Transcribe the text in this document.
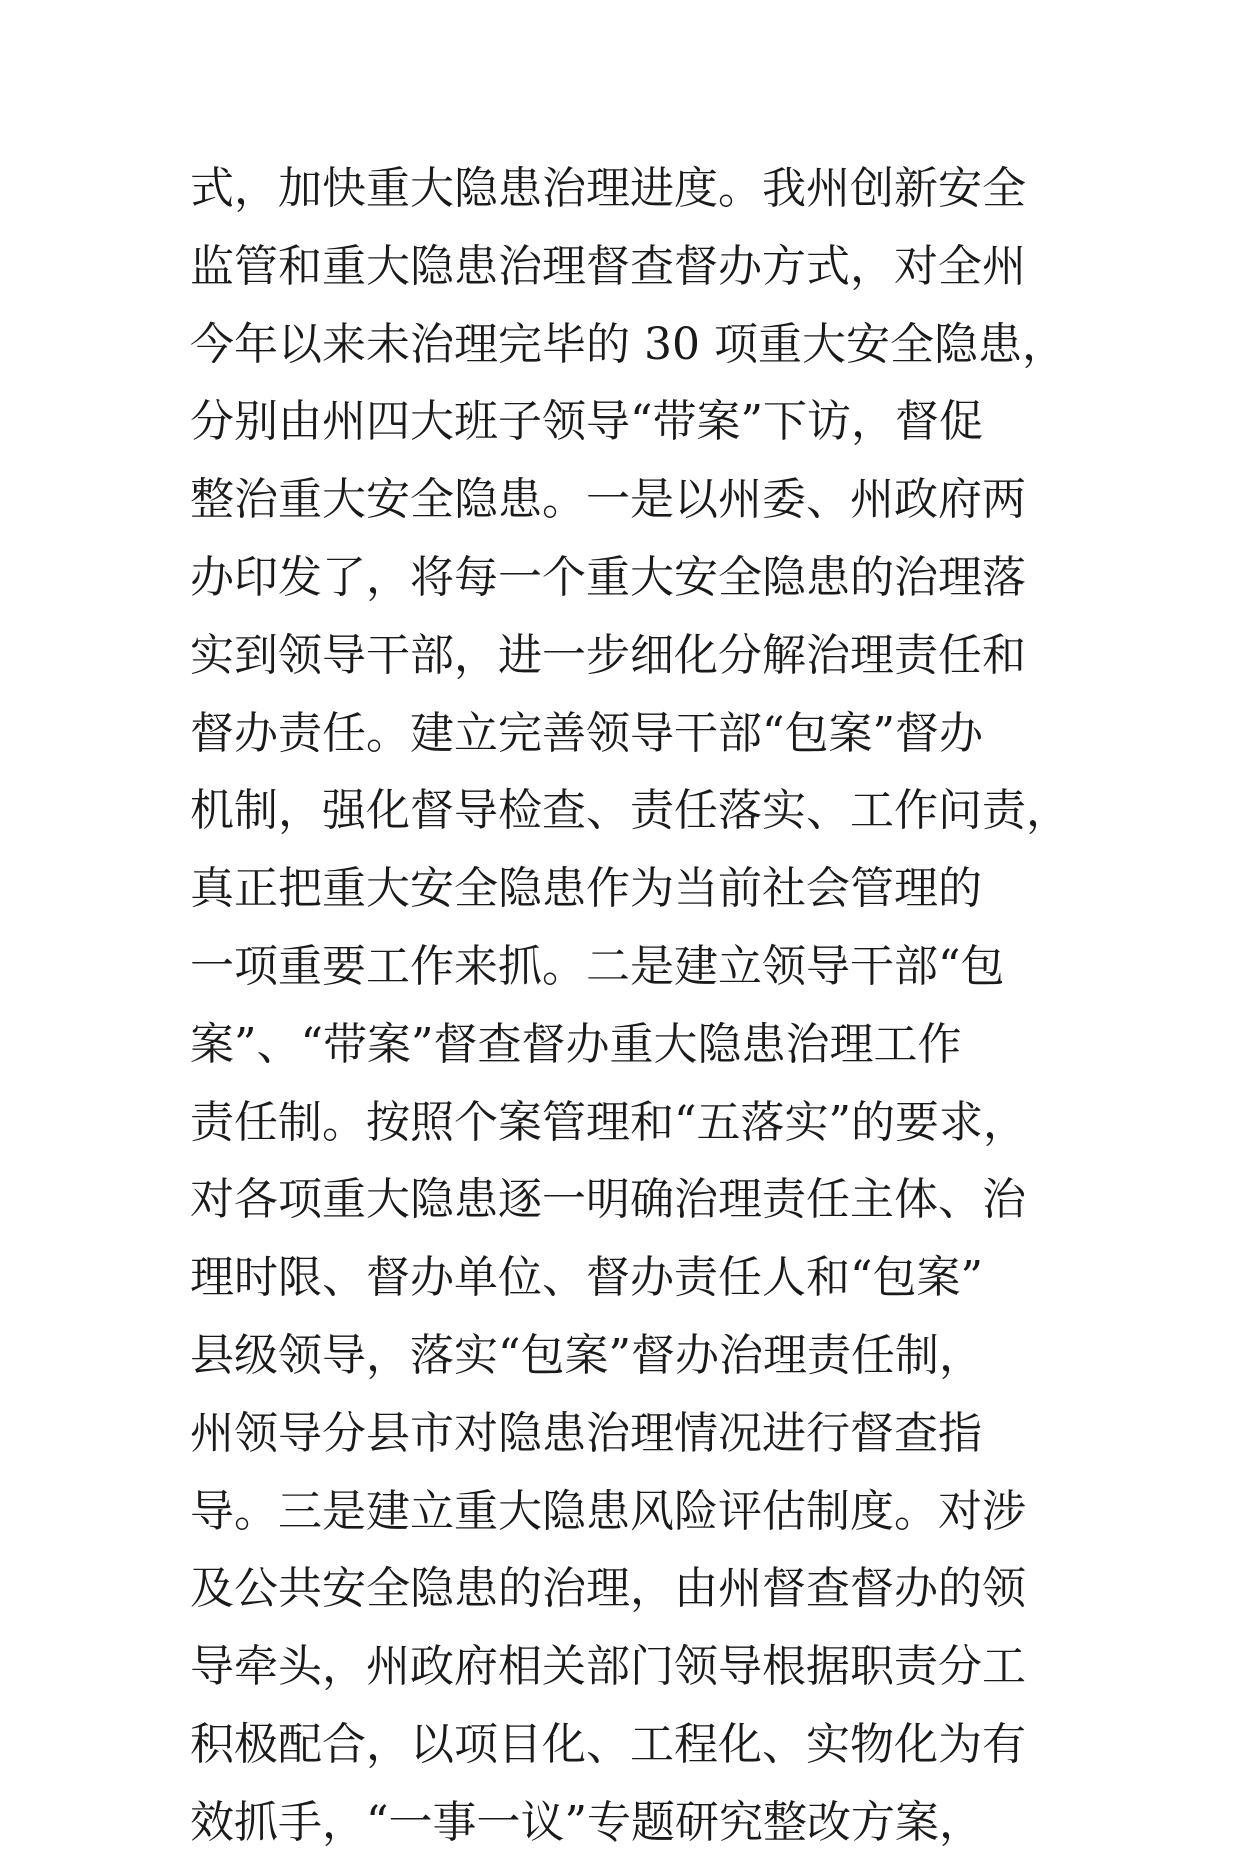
式，加快重大隐患治理进度。我州创新安全
监管和重大隐患治理督查督办方式，对全州
今年以来未治理完毕的 30 项重大安全隐患，
分别由州四大班子领导“带案”下访，督促
整治重大安全隐患。一是以州委、州政府两
办印发了，将每一个重大安全隐患的治理落
实到领导干部，进一步细化分解治理责任和
督办责任。建立完善领导干部“包案”督办
机制，强化督导检查、责任落实、工作问责，
真正把重大安全隐患作为当前社会管理的
一项重要工作来抓。二是建立领导干部“包
案”、“带案”督查督办重大隐患治理工作
责任制。按照个案管理和“五落实”的要求，
对各项重大隐患逐一明确治理责任主体、治
理时限、督办单位、督办责任人和“包案”
县级领导，落实“包案”督办治理责任制，
州领导分县市对隐患治理情况进行督查指
导。三是建立重大隐患风险评估制度。对涉
及公共安全隐患的治理，由州督查督办的领
导牵头，州政府相关部门领导根据职责分工
积极配合，以项目化、工程化、实物化为有
效抓手，“一事一议”专题研究整改方案，
